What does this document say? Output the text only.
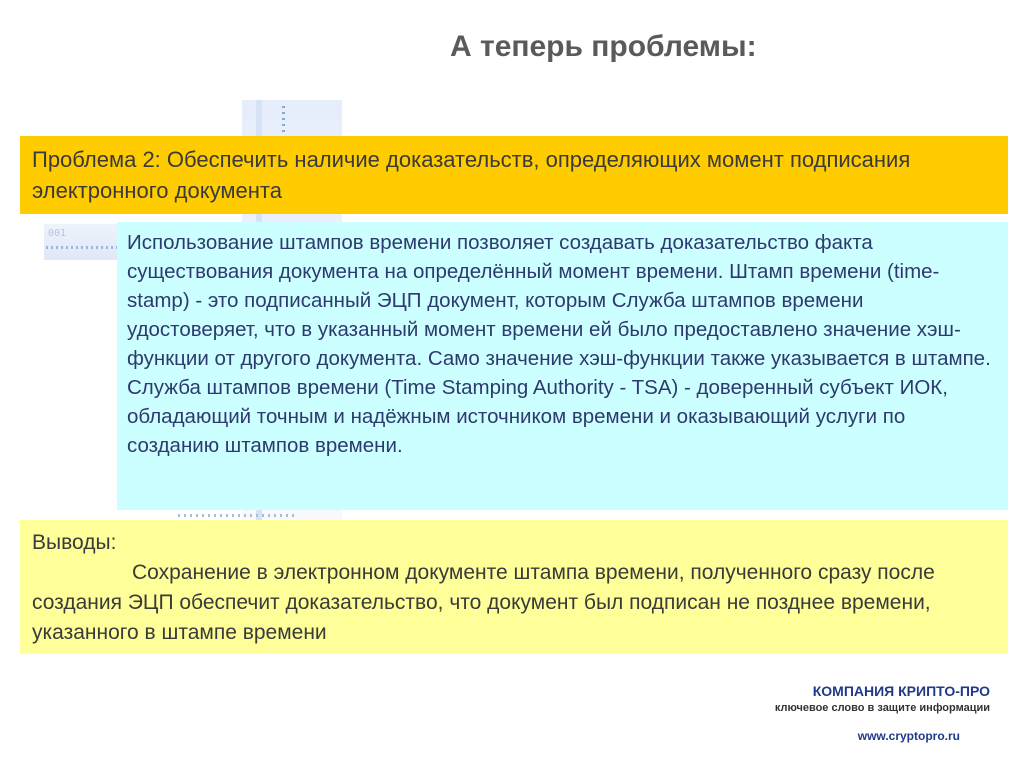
001
А теперь проблемы:
Проблема 2: Обеспечить наличие доказательств, определяющих момент подписания электронного документа
Использование штампов времени позволяет создавать доказательство факта существования документа на определённый момент времени. Штамп времени (time-stamp) - это подписанный ЭЦП документ, которым Служба штампов времени удостоверяет, что в указанный момент времени ей было предоставлено значение хэш-функции от другого документа. Само значение хэш-функции также указывается в штампе. Служба штампов времени (Time Stamping Authority - TSA) - доверенный субъект ИОК, обладающий точным и надёжным источником времени и оказывающий услуги по созданию штампов времени.
Выводы:
Сохранение в электронном документе штампа времени, полученного сразу после создания ЭЦП обеспечит доказательство, что документ был подписан не позднее времени, указанного в штампе времени
КОМПАНИЯ КРИПТО-ПРО
ключевое слово в защите информации
www.cryptopro.ru
